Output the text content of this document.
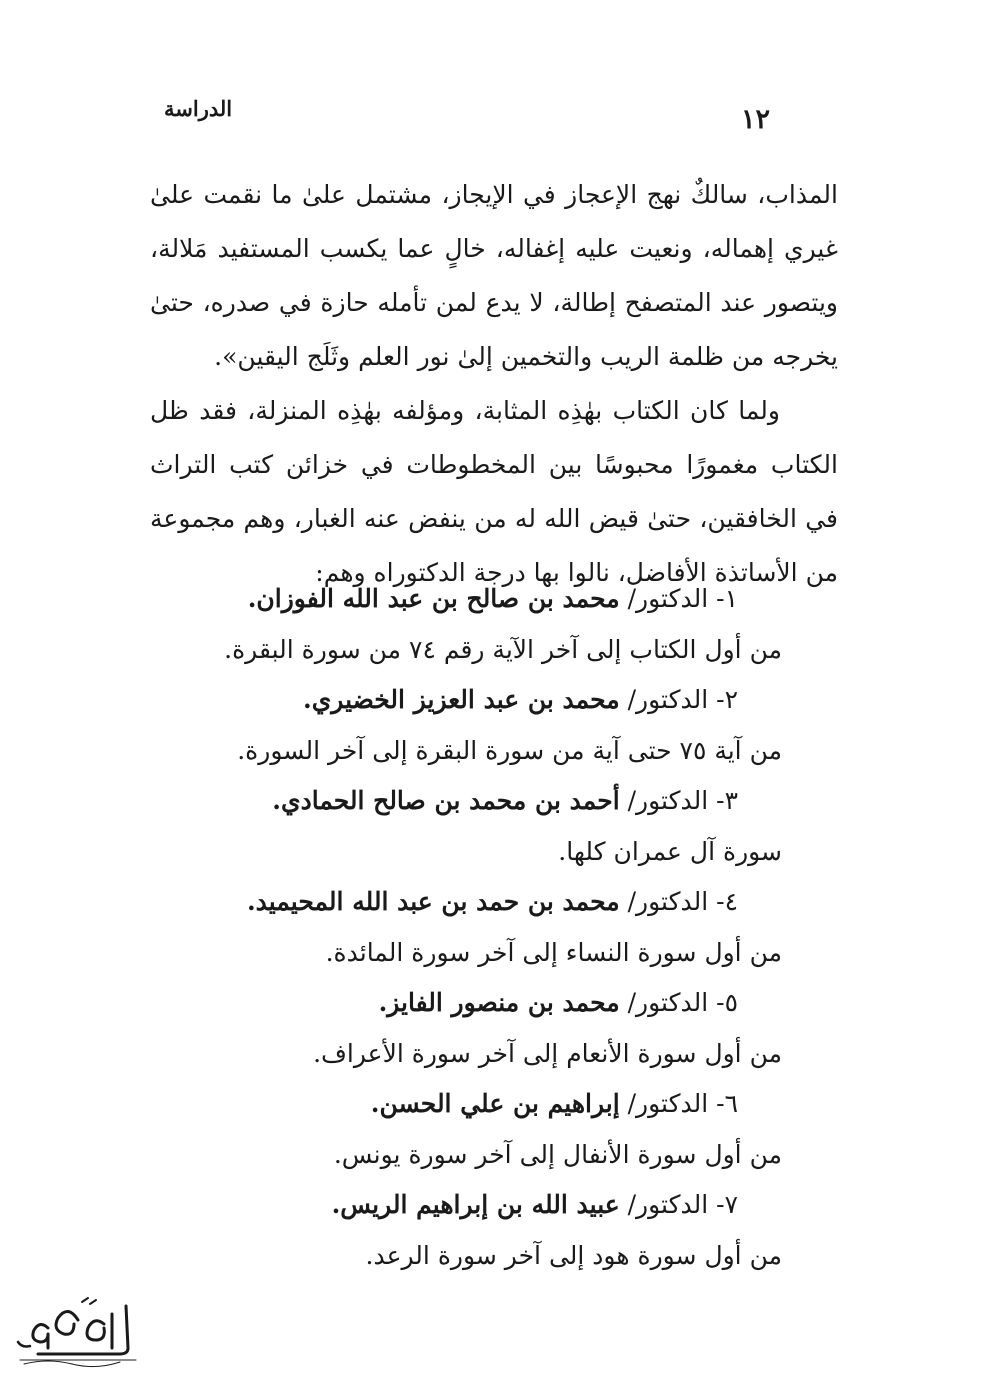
١٢
الدراسة

المذاب، سالكٌ نهج الإعجاز في الإيجاز، مشتمل علىٰ ما نقمت علىٰ غيري إهماله، ونعيت عليه إغفاله، خالٍ عما يكسب المستفيد مَلالة، ويتصور عند المتصفح إطالة، لا يدع لمن تأمله حازة في صدره، حتىٰ يخرجه من ظلمة الريب والتخمين إلىٰ نور العلم وثَلَج اليقين».

ولما كان الكتاب بهٰذِه المثابة، ومؤلفه بهٰذِه المنزلة، فقد ظل الكتاب مغمورًا محبوسًا بين المخطوطات في خزائن كتب التراث في الخافقين، حتىٰ قيض الله له من ينفض عنه الغبار، وهم مجموعة من الأساتذة الأفاضل، نالوا بها درجة الدكتوراه وهم:

١- الدكتور/ محمد بن صالح بن عبد الله الفوزان.
من أول الكتاب إلى آخر الآية رقم ٧٤ من سورة البقرة.
٢- الدكتور/ محمد بن عبد العزيز الخضيري.
من آية ٧٥ حتى آية من سورة البقرة إلى آخر السورة.
٣- الدكتور/ أحمد بن محمد بن صالح الحمادي.
سورة آل عمران كلها.
٤- الدكتور/ محمد بن حمد بن عبد الله المحيميد.
من أول سورة النساء إلى آخر سورة المائدة.
٥- الدكتور/ محمد بن منصور الفايز.
من أول سورة الأنعام إلى آخر سورة الأعراف.
٦- الدكتور/ إبراهيم بن علي الحسن.
من أول سورة الأنفال إلى آخر سورة يونس.
٧- الدكتور/ عبيد الله بن إبراهيم الريس.
من أول سورة هود إلى آخر سورة الرعد.
